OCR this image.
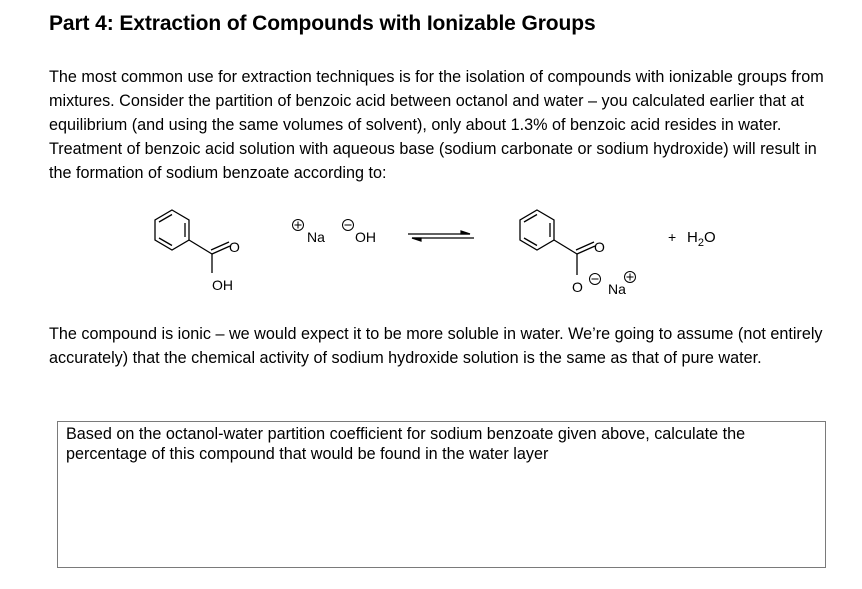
Part 4: Extraction of Compounds with Ionizable Groups

The most common use for extraction techniques is for the isolation of compounds with ionizable groups from mixtures. Consider the partition of benzoic acid between octanol and water – you calculated earlier that at equilibrium (and using the same volumes of solvent), only about 1.3% of benzoic acid resides in water. Treatment of benzoic acid solution with aqueous base (sodium carbonate or sodium hydroxide) will result in the formation of sodium benzoate according to:

O
OH
Na OH
O
O Na
+ $H_2O$

The compound is ionic – we would expect it to be more soluble in water. We’re going to assume (not entirely accurately) that the chemical activity of sodium hydroxide solution is the same as that of pure water.

Based on the octanol-water partition coefficient for sodium benzoate given above, calculate the percentage of this compound that would be found in the water layer
